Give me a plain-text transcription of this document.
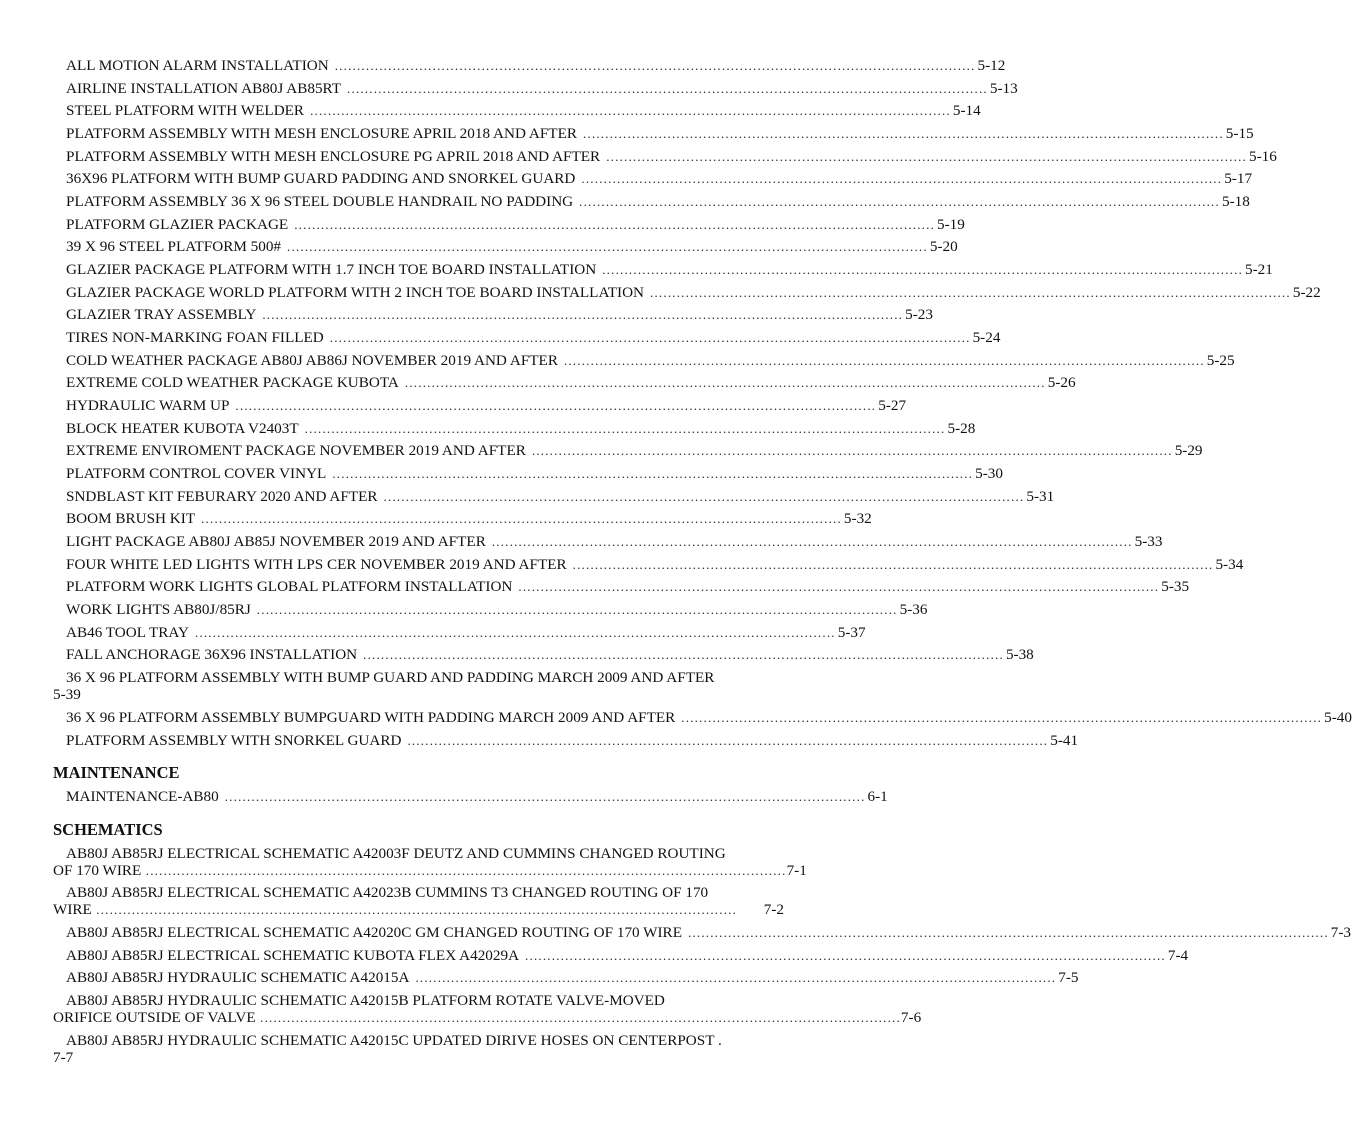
ALL MOTION ALARM INSTALLATION ................................................................................................................................................ 5-12
AIRLINE INSTALLATION AB80J AB85RT ................................................................................................................................................ 5-13
STEEL PLATFORM WITH WELDER ................................................................................................................................................ 5-14
PLATFORM ASSEMBLY WITH MESH ENCLOSURE APRIL 2018 AND AFTER ................................................................................................................................................ 5-15
PLATFORM ASSEMBLY WITH MESH ENCLOSURE PG APRIL 2018 AND AFTER ................................................................................................................................................ 5-16
36X96 PLATFORM WITH BUMP GUARD PADDING AND SNORKEL GUARD ................................................................................................................................................ 5-17
PLATFORM ASSEMBLY 36 X 96 STEEL DOUBLE HANDRAIL NO PADDING ................................................................................................................................................ 5-18
PLATFORM GLAZIER PACKAGE ................................................................................................................................................ 5-19
39 X 96 STEEL PLATFORM 500# ................................................................................................................................................ 5-20
GLAZIER PACKAGE PLATFORM WITH 1.7 INCH TOE BOARD INSTALLATION ................................................................................................................................................ 5-21
GLAZIER PACKAGE WORLD PLATFORM WITH 2 INCH TOE BOARD INSTALLATION ................................................................................................................................................ 5-22
GLAZIER TRAY ASSEMBLY ................................................................................................................................................ 5-23
TIRES NON-MARKING FOAN FILLED ................................................................................................................................................ 5-24
COLD WEATHER PACKAGE AB80J AB86J NOVEMBER 2019 AND AFTER ................................................................................................................................................ 5-25
EXTREME COLD WEATHER PACKAGE KUBOTA ................................................................................................................................................ 5-26
HYDRAULIC WARM UP ................................................................................................................................................ 5-27
BLOCK HEATER KUBOTA V2403T ................................................................................................................................................ 5-28
EXTREME ENVIROMENT PACKAGE NOVEMBER 2019 AND AFTER ................................................................................................................................................ 5-29
PLATFORM CONTROL COVER VINYL ................................................................................................................................................ 5-30
SNDBLAST KIT FEBURARY 2020 AND AFTER ................................................................................................................................................ 5-31
BOOM BRUSH KIT ................................................................................................................................................ 5-32
LIGHT PACKAGE AB80J AB85J NOVEMBER 2019 AND AFTER ................................................................................................................................................ 5-33
FOUR WHITE LED LIGHTS WITH LPS CER NOVEMBER 2019 AND AFTER ................................................................................................................................................ 5-34
PLATFORM WORK LIGHTS GLOBAL PLATFORM INSTALLATION ................................................................................................................................................ 5-35
WORK LIGHTS AB80J/85RJ ................................................................................................................................................ 5-36
AB46 TOOL TRAY ................................................................................................................................................ 5-37
FALL ANCHORAGE 36X96 INSTALLATION ................................................................................................................................................ 5-38
36 X 96 PLATFORM ASSEMBLY WITH BUMP GUARD AND PADDING MARCH 2009 AND AFTER
5-39
36 X 96 PLATFORM ASSEMBLY BUMPGUARD WITH PADDING MARCH 2009 AND AFTER ................................................................................................................................................ 5-40
PLATFORM ASSEMBLY WITH SNORKEL GUARD ................................................................................................................................................ 5-41
MAINTENANCE
MAINTENANCE-AB80 ................................................................................................................................................ 6-1
SCHEMATICS
AB80J AB85RJ ELECTRICAL SCHEMATIC A42003F DEUTZ AND CUMMINS CHANGED ROUTING
OF 170 WIRE ................................................................................................................................................ 7-1
AB80J AB85RJ ELECTRICAL SCHEMATIC A42023B CUMMINS T3 CHANGED ROUTING OF 170
WIRE ................................................................................................................................................	7-2
AB80J AB85RJ ELECTRICAL SCHEMATIC A42020C GM CHANGED ROUTING OF 170 WIRE ................................................................................................................................................ 7-3
AB80J AB85RJ ELECTRICAL SCHEMATIC KUBOTA FLEX A42029A ................................................................................................................................................ 7-4
AB80J AB85RJ HYDRAULIC SCHEMATIC A42015A ................................................................................................................................................ 7-5
AB80J AB85RJ HYDRAULIC SCHEMATIC A42015B PLATFORM ROTATE VALVE-MOVED
ORIFICE OUTSIDE OF VALVE ................................................................................................................................................ 7-6
AB80J AB85RJ HYDRAULIC SCHEMATIC A42015C UPDATED DIRIVE HOSES ON CENTERPOST .
7-7
